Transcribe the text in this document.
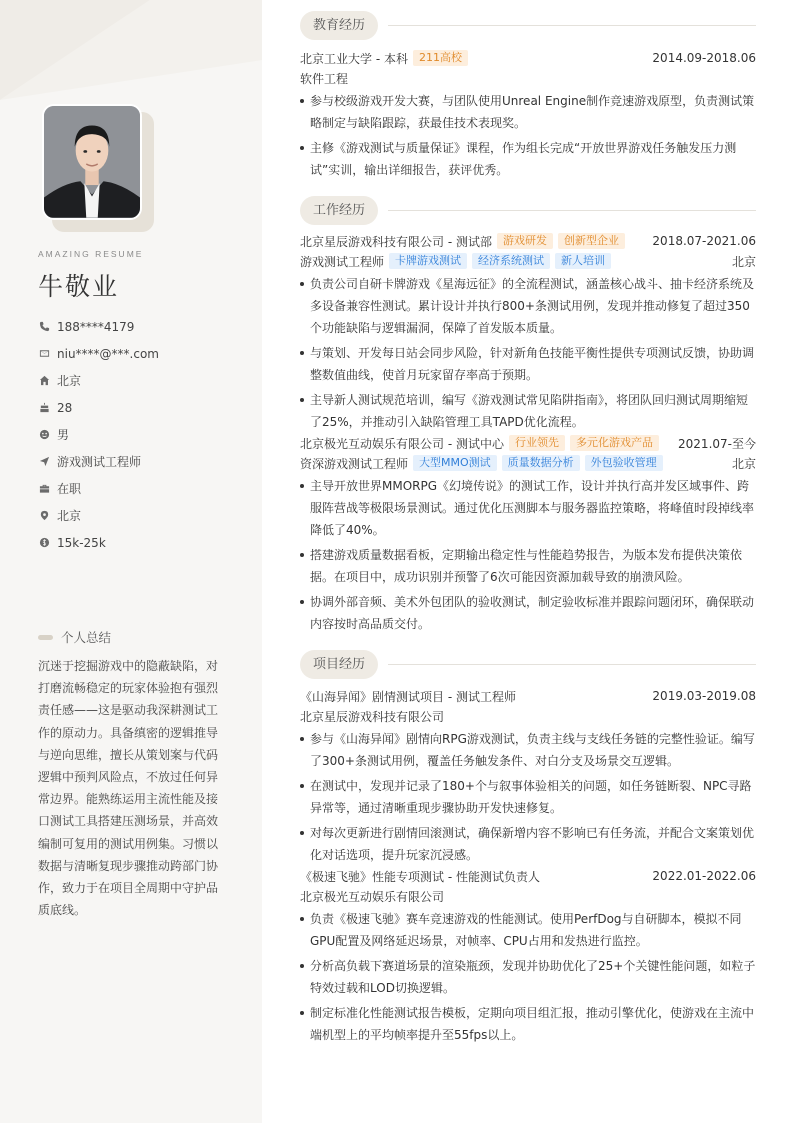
AMAZING RESUME
牛敬业
188****4179
niu****@***.com
北京
28
男
游戏测试工程师
在职
北京
15k-25k
个人总结
沉迷于挖掘游戏中的隐蔽缺陷，对打磨流畅稳定的玩家体验抱有强烈责任感——这是驱动我深耕测试工作的原动力。具备缜密的逻辑推导与逆向思维，擅长从策划案与代码逻辑中预判风险点，不放过任何异常边界。能熟练运用主流性能及接口测试工具搭建压测场景，并高效编制可复用的测试用例集。习惯以数据与清晰复现步骤推动跨部门协作，致力于在项目全周期中守护品质底线。
教育经历
北京工业大学 - 本科	211高校	2014.09-2018.06
软件工程
参与校级游戏开发大赛，与团队使用Unreal Engine制作竞速游戏原型，负责测试策略制定与缺陷跟踪，获最佳技术表现奖。
主修《游戏测试与质量保证》课程，作为组长完成“开放世界游戏任务触发压力测试”实训，输出详细报告，获评优秀。
工作经历
北京星辰游戏科技有限公司 - 测试部	游戏研发	创新型企业	2018.07-2021.06
游戏测试工程师	卡牌游戏测试	经济系统测试	新人培训	北京
负责公司自研卡牌游戏《星海远征》的全流程测试，涵盖核心战斗、抽卡经济系统及多设备兼容性测试。累计设计并执行800+条测试用例，发现并推动修复了超过350个功能缺陷与逻辑漏洞，保障了首发版本质量。
与策划、开发每日站会同步风险，针对新角色技能平衡性提供专项测试反馈，协助调整数值曲线，使首月玩家留存率高于预期。
主导新人测试规范培训，编写《游戏测试常见陷阱指南》，将团队回归测试周期缩短了25%，并推动引入缺陷管理工具TAPD优化流程。
北京极光互动娱乐有限公司 - 测试中心	行业领先	多元化游戏产品	2021.07-至今
资深游戏测试工程师	大型MMO测试	质量数据分析	外包验收管理	北京
主导开放世界MMORPG《幻境传说》的测试工作，设计并执行高并发区域事件、跨服阵营战等极限场景测试。通过优化压测脚本与服务器监控策略，将峰值时段掉线率降低了40%。
搭建游戏质量数据看板，定期输出稳定性与性能趋势报告，为版本发布提供决策依据。在项目中，成功识别并预警了6次可能因资源加载导致的崩溃风险。
协调外部音频、美术外包团队的验收测试，制定验收标准并跟踪问题闭环，确保联动内容按时高品质交付。
项目经历
《山海异闻》剧情测试项目 - 测试工程师	2019.03-2019.08
北京星辰游戏科技有限公司
参与《山海异闻》剧情向RPG游戏测试，负责主线与支线任务链的完整性验证。编写了300+条测试用例，覆盖任务触发条件、对白分支及场景交互逻辑。
在测试中，发现并记录了180+个与叙事体验相关的问题，如任务链断裂、NPC寻路异常等，通过清晰重现步骤协助开发快速修复。
对每次更新进行剧情回滚测试，确保新增内容不影响已有任务流，并配合文案策划优化对话选项，提升玩家沉浸感。
《极速飞驰》性能专项测试 - 性能测试负责人	2022.01-2022.06
北京极光互动娱乐有限公司
负责《极速飞驰》赛车竞速游戏的性能测试。使用PerfDog与自研脚本，模拟不同GPU配置及网络延迟场景，对帧率、CPU占用和发热进行监控。
分析高负载下赛道场景的渲染瓶颈，发现并协助优化了25+个关键性能问题，如粒子特效过载和LOD切换逻辑。
制定标准化性能测试报告模板，定期向项目组汇报，推动引擎优化，使游戏在主流中端机型上的平均帧率提升至55fps以上。
